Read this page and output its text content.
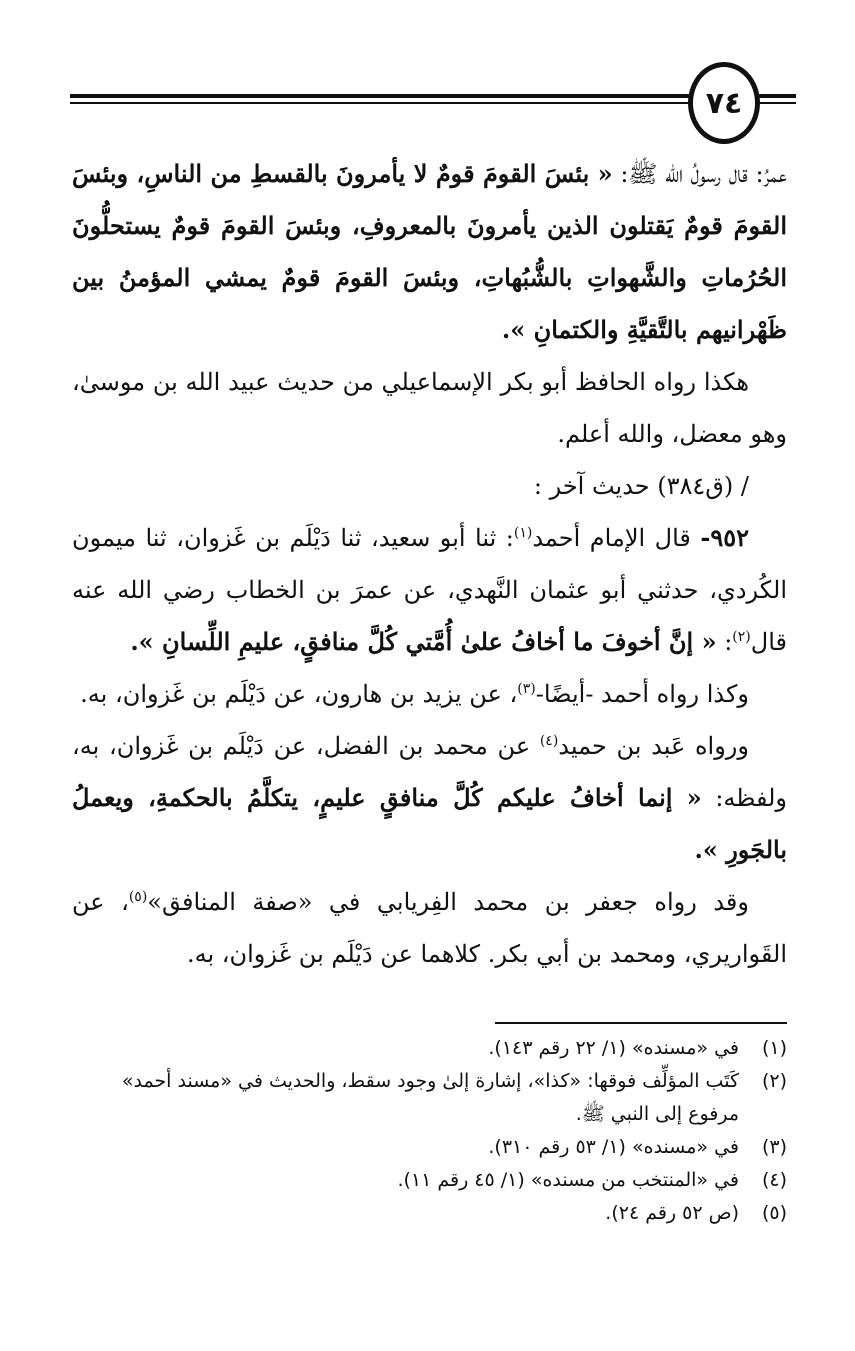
٧٤

عمرُ: قال رسولُ الله ﷺ: « بئسَ القومَ قومٌ لا يأمرونَ بالقسطِ من الناسِ، وبئسَ القومَ قومٌ يَقتلون الذين يأمرونَ بالمعروفِ، وبئسَ القومَ قومٌ يستحلُّونَ الحُرُماتِ والشَّهواتِ بالشُّبُهاتِ، وبئسَ القومَ قومٌ يمشي المؤمنُ بين ظَهْرانيهم بالتَّقيَّةِ والكتمانِ ».

هكذا رواه الحافظ أبو بكر الإسماعيلي من حديث عبيد الله بن موسىٰ، وهو معضل، والله أعلم.

/ (ق٣٨٤) حديث آخر :

٩٥٢- قال الإمام أحمد$^{(١)}$: ثنا أبو سعيد، ثنا دَيْلَم بن غَزوان، ثنا ميمون الكُردي، حدثني أبو عثمان النَّهدي، عن عمرَ بن الخطاب رضي الله عنه قال$^{(٢)}$: « إنَّ أخوفَ ما أخافُ علىٰ أُمَّتي كُلَّ منافقٍ، عليمِ اللِّسانِ ».

وكذا رواه أحمد -أيضًا-$^{(٣)}$، عن يزيد بن هارون، عن دَيْلَم بن غَزوان، به.

ورواه عَبد بن حميد$^{(٤)}$ عن محمد بن الفضل، عن دَيْلَم بن غَزوان، به، ولفظه: « إنما أخافُ عليكم كُلَّ منافقٍ عليمٍ، يتكلَّمُ بالحكمةِ، ويعملُ بالجَورِ ».

وقد رواه جعفر بن محمد الفِريابي في «صفة المنافق»$^{(٥)}$، عن القَواريري، ومحمد بن أبي بكر. كلاهما عن دَيْلَم بن غَزوان، به.

(١)
في «مسنده» (١/ ٢٢ رقم ١٤٣).
(٢)
كَتَب المؤلِّف فوقها: «كذا»، إشارة إلىٰ وجود سقط، والحديث في «مسند أحمد» مرفوع إلى النبي ﷺ.
(٣)
في «مسنده» (١/ ٥٣ رقم ٣١٠).
(٤)
في «المنتخب من مسنده» (١/ ٤٥ رقم ١١).
(٥)
(ص ٥٢ رقم ٢٤).
